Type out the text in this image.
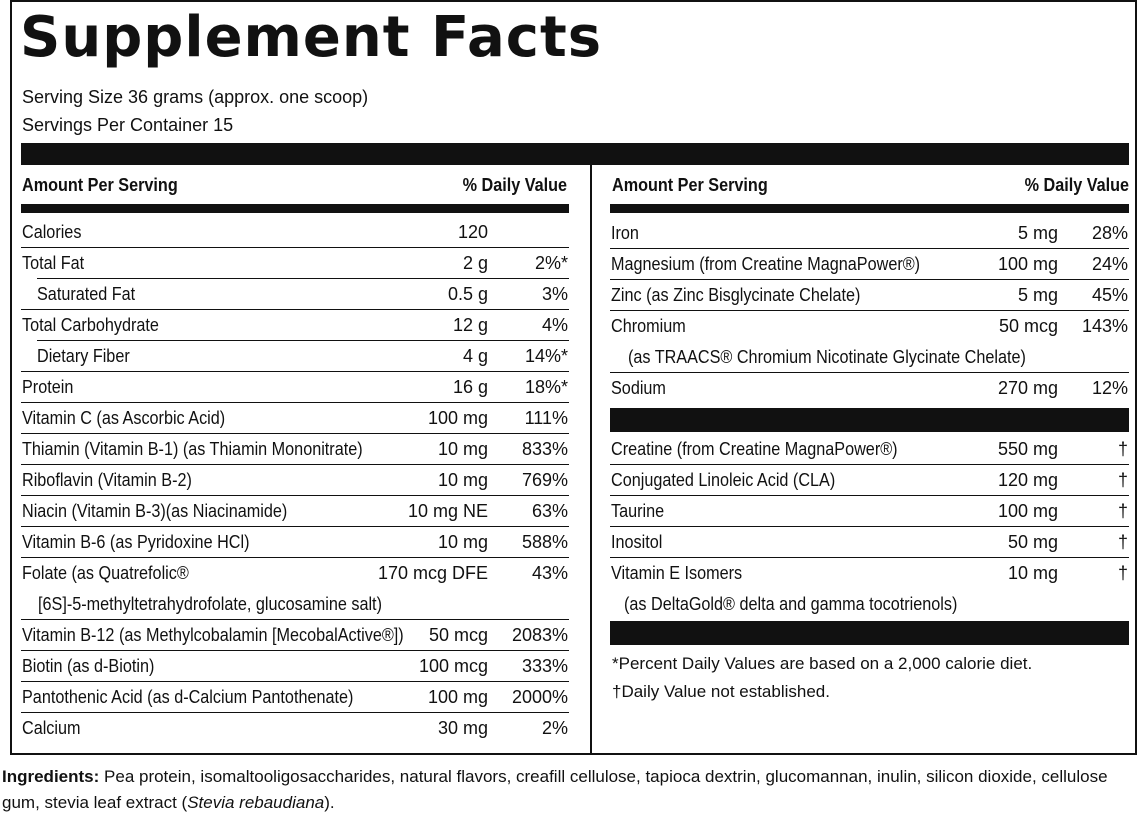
Supplement Facts
Serving Size 36 grams (approx. one scoop)
Servings Per Container 15
Amount Per Serving	% Daily Value	Amount Per Serving	% Daily Value
Calories	120
Total Fat	2 g	2%*
Saturated Fat	0.5 g	3%
Total Carbohydrate	12 g	4%
Dietary Fiber	4 g 14%*
Protein	16 g 18%*
Vitamin C (as Ascorbic Acid)	100 mg 111%
Thiamin (Vitamin B-1) (as Thiamin Mononitrate)	10 mg 833%
Riboflavin (Vitamin B-2)	10 mg 769%
Niacin (Vitamin B-3)(as Niacinamide)	10 mg NE 63%
Vitamin B-6 (as Pyridoxine HCl)	10 mg 588%
Folate (as Quatrefolic®	170 mcg DFE 43%
[6S]-5-methyltetrahydrofolate, glucosamine salt)
Vitamin B-12 (as Methylcobalamin [MecobalActive®]) 50 mcg 2083%
Biotin (as d-Biotin)	100 mcg 333%
Pantothenic Acid (as d-Calcium Pantothenate)	100 mg 2000%
Calcium	30 mg	2%
Iron	5 mg 28%
Magnesium (from Creatine MagnaPower®)	100 mg 24%
Zinc (as Zinc Bisglycinate Chelate)	5 mg 45%
Chromium	50 mcg 143%
(as TRAACS® Chromium Nicotinate Glycinate Chelate)
Sodium	270 mg 12%
Creatine (from Creatine MagnaPower®)	550 mg	†
Conjugated Linoleic Acid (CLA)	120 mg	†
Taurine	100 mg	†
Inositol	50 mg	†
Vitamin E Isomers	10 mg	†
(as DeltaGold® delta and gamma tocotrienols)
*Percent Daily Values are based on a 2,000 calorie diet.
†Daily Value not established.
Ingredients: Pea protein, isomaltooligosaccharides, natural flavors, creafill cellulose, tapioca dextrin, glucomannan, inulin, silicon dioxide, cellulose gum, stevia leaf extract (Stevia rebaudiana).
